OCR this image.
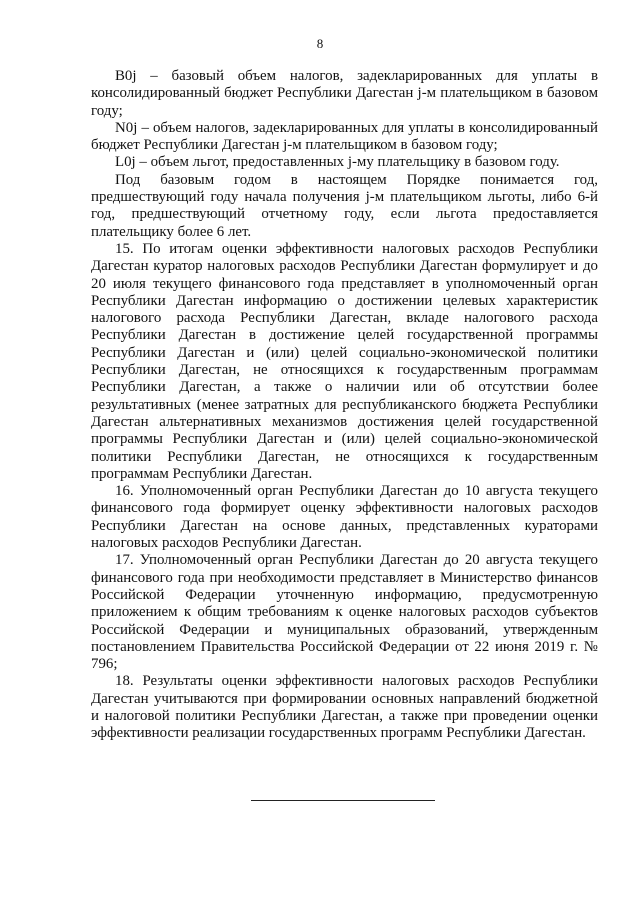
8

B0j – базовый объем налогов, задекларированных для уплаты в консолидированный бюджет Республики Дагестан j-м плательщиком в базовом году;

N0j – объем налогов, задекларированных для уплаты в консолидированный бюджет Республики Дагестан j-м плательщиком в базовом году;

L0j – объем льгот, предоставленных j-му плательщику в базовом году.

Под базовым годом в настоящем Порядке понимается год, предшествующий году начала получения j-м плательщиком льготы, либо 6-й год, предшествующий отчетному году, если льгота предоставляется плательщику более 6 лет.

15. По итогам оценки эффективности налоговых расходов Республики Дагестан куратор налоговых расходов Республики Дагестан формулирует и до 20 июля текущего финансового года представляет в уполномоченный орган Республики Дагестан информацию о достижении целевых характеристик налогового расхода Республики Дагестан, вкладе налогового расхода Республики Дагестан в достижение целей государственной программы Республики Дагестан и (или) целей социально-экономической политики Республики Дагестан, не относящихся к государственным программам Республики Дагестан, а также о наличии или об отсутствии более результативных (менее затратных для республиканского бюджета Республики Дагестан альтернативных механизмов достижения целей государственной программы Республики Дагестан и (или) целей социально-экономической политики Республики Дагестан, не относящихся к государственным программам Республики Дагестан.

16. Уполномоченный орган Республики Дагестан до 10 августа текущего финансового года формирует оценку эффективности налоговых расходов Республики Дагестан на основе данных, представленных кураторами налоговых расходов Республики Дагестан.

17. Уполномоченный орган Республики Дагестан до 20 августа текущего финансового года при необходимости представляет в Министерство финансов Российской Федерации уточненную информацию, предусмотренную приложением к общим требованиям к оценке налоговых расходов субъектов Российской Федерации и муниципальных образований, утвержденным постановлением Правительства Российской Федерации от 22 июня 2019 г. № 796;

18. Результаты оценки эффективности налоговых расходов Республики Дагестан учитываются при формировании основных направлений бюджетной и налоговой политики Республики Дагестан, а также при проведении оценки эффективности реализации государственных программ Республики Дагестан.
